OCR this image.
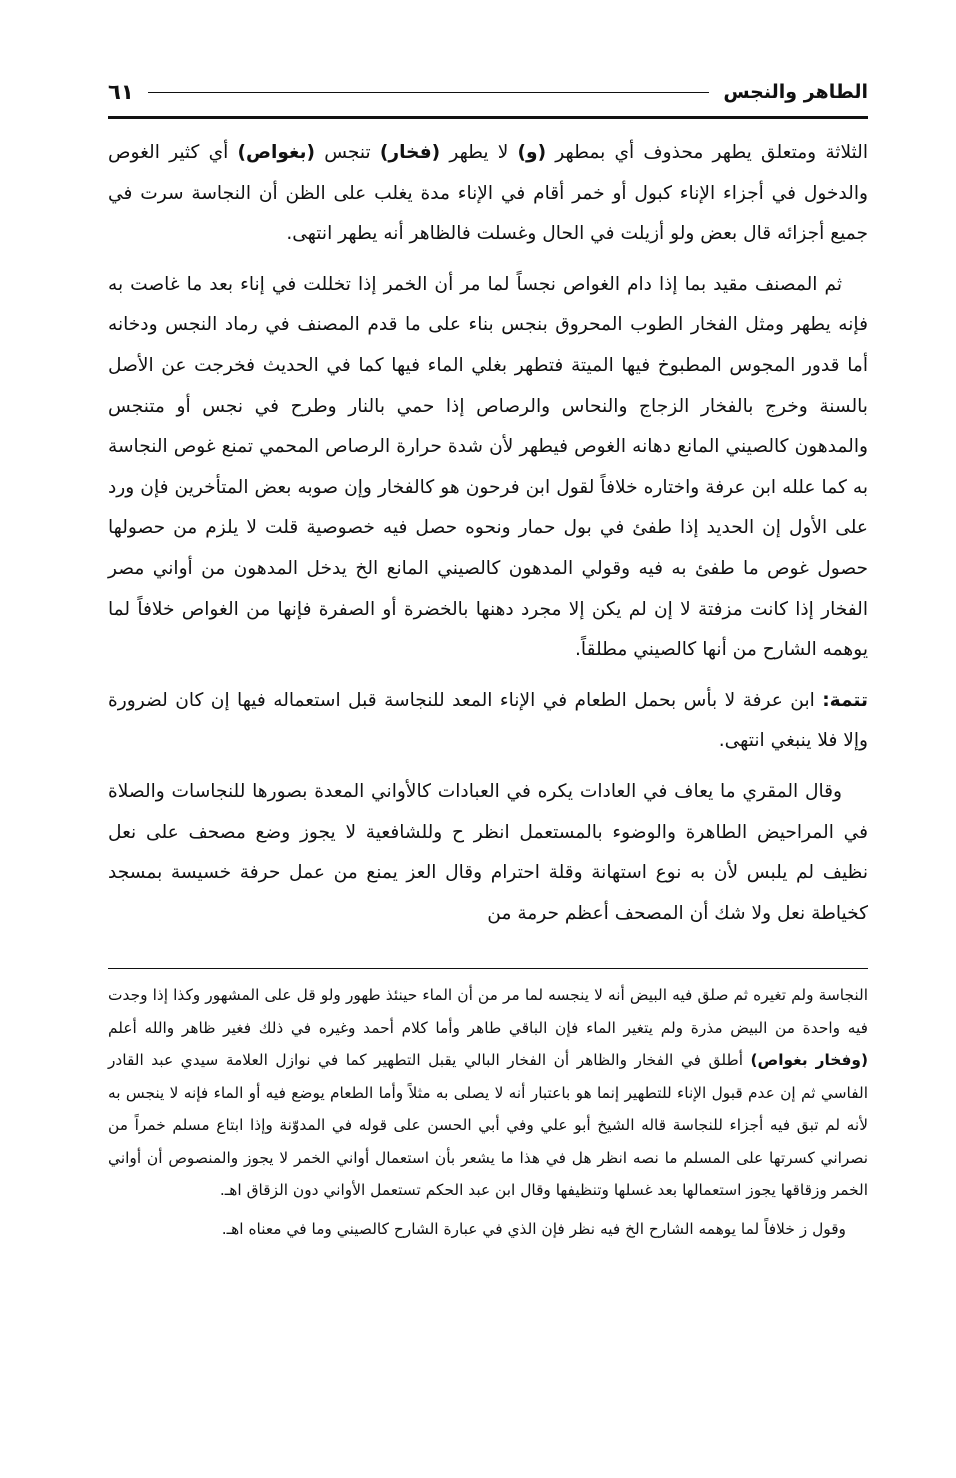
الطاهر والنجس
٦١

الثلاثة ومتعلق يطهر محذوف أي بمطهر (و) لا يطهر (فخار) تنجس (بغواص) أي كثير الغوص والدخول في أجزاء الإناء كبول أو خمر أقام في الإناء مدة يغلب على الظن أن النجاسة سرت في جميع أجزائه قال بعض ولو أزيلت في الحال وغسلت فالظاهر أنه يطهر انتهى.

ثم المصنف مقيد بما إذا دام الغواص نجساً لما مر أن الخمر إذا تخللت في إناء بعد ما غاصت به فإنه يطهر ومثل الفخار الطوب المحروق بنجس بناء على ما قدم المصنف في رماد النجس ودخانه أما قدور المجوس المطبوخ فيها الميتة فتطهر بغلي الماء فيها كما في الحديث فخرجت عن الأصل بالسنة وخرج بالفخار الزجاج والنحاس والرصاص إذا حمي بالنار وطرح في نجس أو متنجس والمدهون كالصيني المانع دهانه الغوص فيطهر لأن شدة حرارة الرصاص المحمي تمنع غوص النجاسة به كما علله ابن عرفة واختاره خلافاً لقول ابن فرحون هو كالفخار وإن صوبه بعض المتأخرين فإن ورد على الأول إن الحديد إذا طفئ في بول حمار ونحوه حصل فيه خصوصية قلت لا يلزم من حصولها حصول غوص ما طفئ به فيه وقولي المدهون كالصيني المانع الخ يدخل المدهون من أواني مصر الفخار إذا كانت مزفتة لا إن لم يكن إلا مجرد دهنها بالخضرة أو الصفرة فإنها من الغواص خلافاً لما يوهمه الشارح من أنها كالصيني مطلقاً.

تتمة: ابن عرفة لا بأس بحمل الطعام في الإناء المعد للنجاسة قبل استعماله فيها إن كان لضرورة وإلا فلا ينبغي انتهى.

وقال المقري ما يعاف في العادات يكره في العبادات كالأواني المعدة بصورها للنجاسات والصلاة في المراحيض الطاهرة والوضوء بالمستعمل انظر ح وللشافعية لا يجوز وضع مصحف على نعل نظيف لم يلبس لأن به نوع استهانة وقلة احترام وقال العز يمنع من عمل حرفة خسيسة بمسجد كخياطة نعل ولا شك أن المصحف أعظم حرمة من

النجاسة ولم تغيره ثم صلق فيه البيض أنه لا ينجسه لما مر من أن الماء حينئذ طهور ولو قل على المشهور وكذا إذا وجدت فيه واحدة من البيض مذرة ولم يتغير الماء فإن الباقي طاهر وأما كلام أحمد وغيره في ذلك فغير ظاهر والله أعلم (وفخار بغواص) أطلق في الفخار والظاهر أن الفخار البالي يقبل التطهير كما في نوازل العلامة سيدي عبد القادر الفاسي ثم إن عدم قبول الإناء للتطهير إنما هو باعتبار أنه لا يصلى به مثلاً وأما الطعام يوضع فيه أو الماء فإنه لا ينجس به لأنه لم تبق فيه أجزاء للنجاسة قاله الشيخ أبو علي وفي أبي الحسن على قوله في المدوّنة وإذا ابتاع مسلم خمراً من نصراني كسرتها على المسلم ما نصه انظر هل في هذا ما يشعر بأن استعمال أواني الخمر لا يجوز والمنصوص أن أواني الخمر وزقاقها يجوز استعمالها بعد غسلها وتنظيفها وقال ابن عبد الحكم تستعمل الأواني دون الزقاق اهـ.

وقول ز خلافاً لما يوهمه الشارح الخ فيه نظر فإن الذي في عبارة الشارح كالصيني وما في معناه اهـ.
